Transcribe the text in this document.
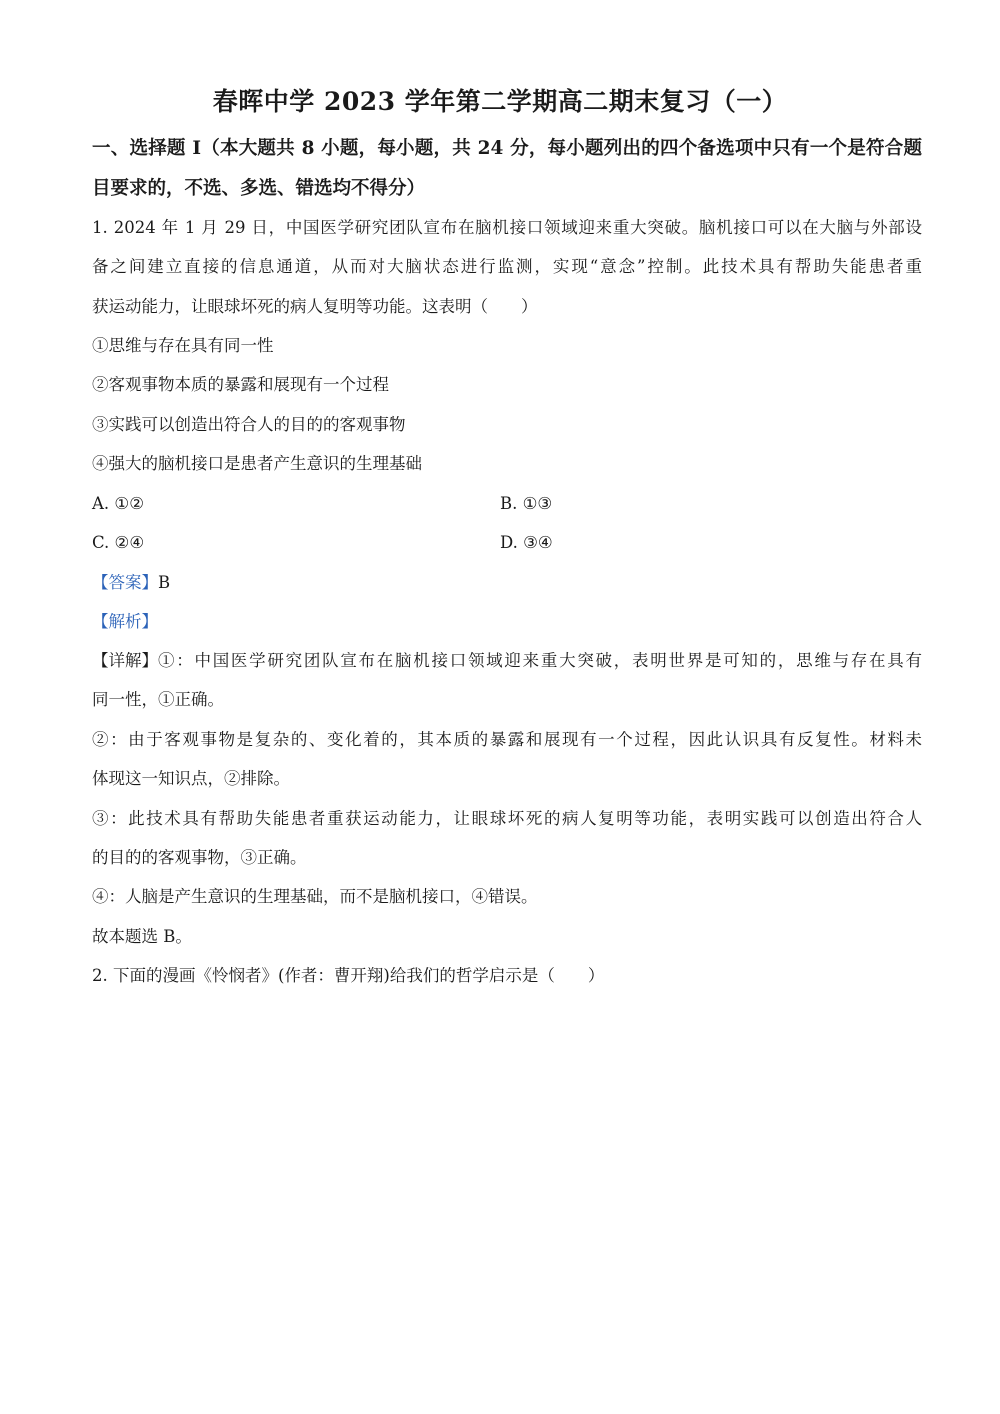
春晖中学 2023 学年第二学期高二期末复习（一）
一、选择题 I（本大题共 8 小题，每小题，共 24 分，每小题列出的四个备选项中只有一个是符合题目要求的，不选、多选、错选均不得分）
1. 2024 年 1 月 29 日，中国医学研究团队宣布在脑机接口领域迎来重大突破。脑机接口可以在大脑与外部设
备之间建立直接的信息通道，从而对大脑状态进行监测，实现“意念”控制。此技术具有帮助失能患者重
获运动能力，让眼球坏死的病人复明等功能。这表明（　　）
①思维与存在具有同一性
②客观事物本质的暴露和展现有一个过程
③实践可以创造出符合人的目的的客观事物
④强大的脑机接口是患者产生意识的生理基础
A. ①②	B. ①③
C. ②④	D. ③④
【答案】B
【解析】
【详解】 ①：中国医学研究团队宣布在脑机接口领域迎来重大突破，表明世界是可知的，思维与存在具有
同一性，①正确。
②：由于客观事物是复杂的、变化着的，其本质的暴露和展现有一个过程，因此认识具有反复性。材料未
体现这一知识点，②排除。
③：此技术具有帮助失能患者重获运动能力，让眼球坏死的病人复明等功能，表明实践可以创造出符合人
的目的的客观事物，③正确。
④：人脑是产生意识的生理基础，而不是脑机接口，④错误。
故本题选 B。
2. 下面的漫画《怜悯者》(作者：曹开翔)给我们的哲学启示是（　　）
